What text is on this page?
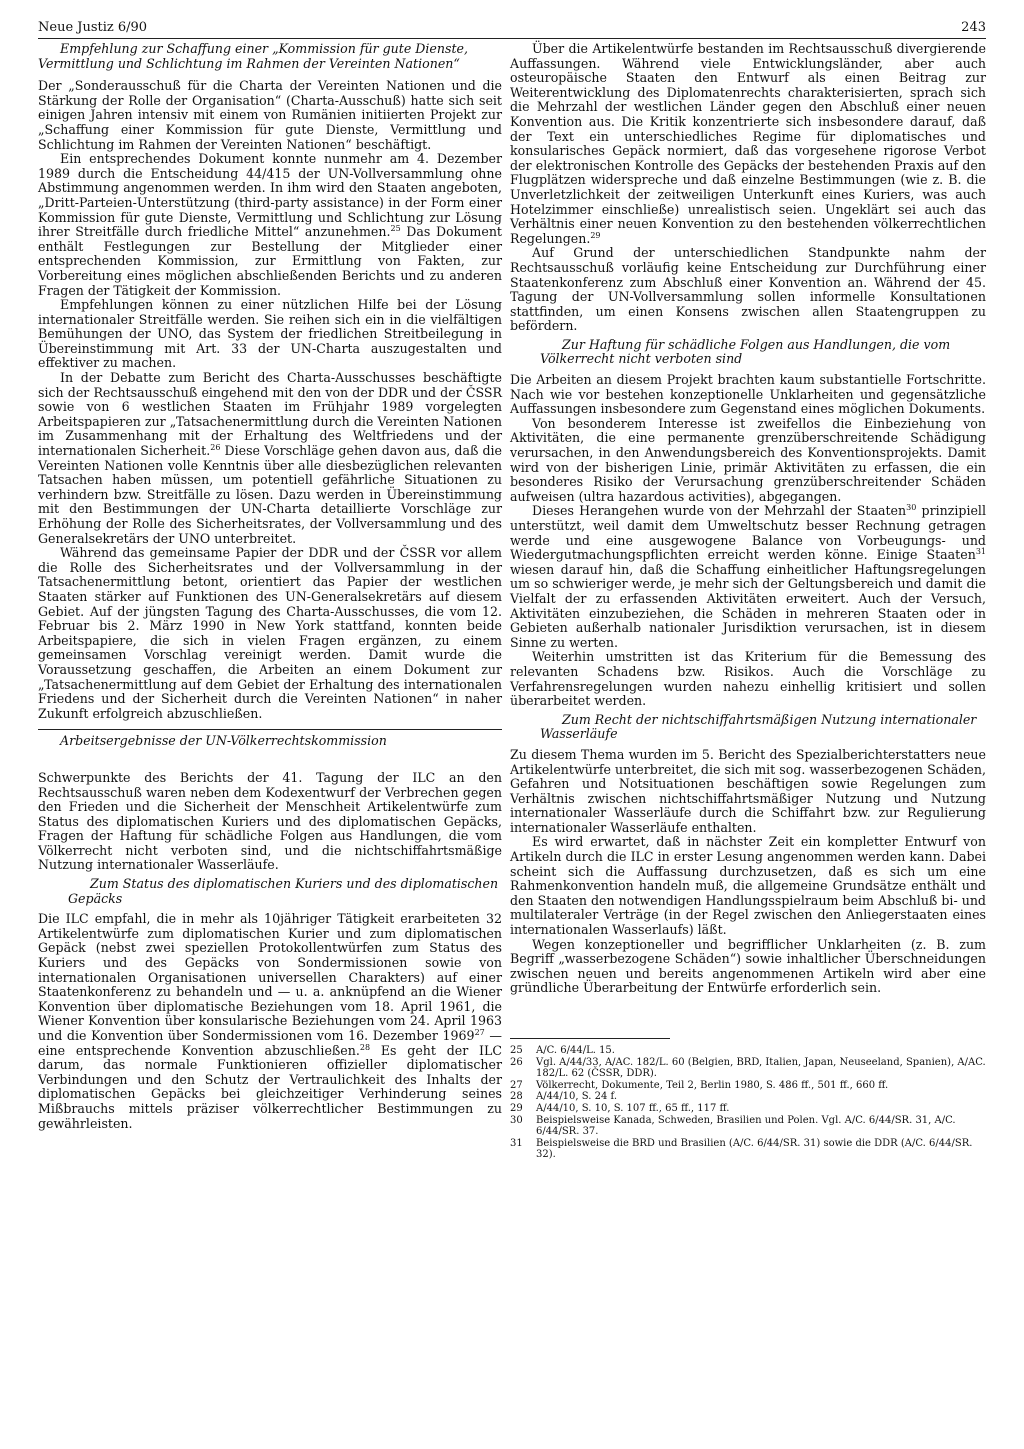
Neue Justiz 6/90	243

Empfehlung zur Schaffung einer „Kommission für gute Dienste, Vermittlung und Schlichtung im Rahmen der Vereinten Nationen“

Der „Sonderausschuß für die Charta der Vereinten Nationen und die Stärkung der Rolle der Organisation“ (Charta-Ausschuß) hatte sich seit einigen Jahren intensiv mit einem von Rumänien initiierten Projekt zur „Schaffung einer Kommission für gute Dienste, Vermittlung und Schlichtung im Rahmen der Vereinten Nationen“ beschäftigt.

Ein entsprechendes Dokument konnte nunmehr am 4. Dezember 1989 durch die Entscheidung 44/415 der UN-Vollversammlung ohne Abstimmung angenommen werden. In ihm wird den Staaten angeboten, „Dritt-Parteien-Unterstützung (third-party assistance) in der Form einer Kommission für gute Dienste, Vermittlung und Schlichtung zur Lösung ihrer Streitfälle durch friedliche Mittel“ anzunehmen.$^{25}$ Das Dokument enthält Festlegungen zur Bestellung der Mitglieder einer entsprechenden Kommission, zur Ermittlung von Fakten, zur Vorbereitung eines möglichen abschließenden Berichts und zu anderen Fragen der Tätigkeit der Kommission.

Empfehlungen können zu einer nützlichen Hilfe bei der Lösung internationaler Streitfälle werden. Sie reihen sich ein in die vielfältigen Bemühungen der UNO, das System der friedlichen Streitbeilegung in Übereinstimmung mit Art. 33 der UN-Charta auszugestalten und effektiver zu machen.

In der Debatte zum Bericht des Charta-Ausschusses beschäftigte sich der Rechtsausschuß eingehend mit den von der DDR und der ČSSR sowie von 6 westlichen Staaten im Frühjahr 1989 vorgelegten Arbeitspapieren zur „Tatsachenermittlung durch die Vereinten Nationen im Zusammenhang mit der Erhaltung des Weltfriedens und der internationalen Sicherheit.$^{26}$ Diese Vorschläge gehen davon aus, daß die Vereinten Nationen volle Kenntnis über alle diesbezüglichen relevanten Tatsachen haben müssen, um potentiell gefährliche Situationen zu verhindern bzw. Streitfälle zu lösen. Dazu werden in Übereinstimmung mit den Bestimmungen der UN-Charta detaillierte Vorschläge zur Erhöhung der Rolle des Sicherheitsrates, der Vollversammlung und des Generalsekretärs der UNO unterbreitet.

Während das gemeinsame Papier der DDR und der ČSSR vor allem die Rolle des Sicherheitsrates und der Vollversammlung in der Tatsachenermittlung betont, orientiert das Papier der westlichen Staaten stärker auf Funktionen des UN-Generalsekretärs auf diesem Gebiet. Auf der jüngsten Tagung des Charta-Ausschusses, die vom 12. Februar bis 2. März 1990 in New York stattfand, konnten beide Arbeitspapiere, die sich in vielen Fragen ergänzen, zu einem gemeinsamen Vorschlag vereinigt werden. Damit wurde die Voraussetzung geschaffen, die Arbeiten an einem Dokument zur „Tatsachenermittlung auf dem Gebiet der Erhaltung des internationalen Friedens und der Sicherheit durch die Vereinten Nationen“ in naher Zukunft erfolgreich abzuschließen.

Arbeitsergebnisse der UN-Völkerrechtskommission

Schwerpunkte des Berichts der 41. Tagung der ILC an den Rechtsausschuß waren neben dem Kodexentwurf der Verbrechen gegen den Frieden und die Sicherheit der Menschheit Artikelentwürfe zum Status des diplomatischen Kuriers und des diplomatischen Gepäcks, Fragen der Haftung für schädliche Folgen aus Handlungen, die vom Völkerrecht nicht verboten sind, und die nichtschiffahrtsmäßige Nutzung internationaler Wasserläufe.

Zum Status des diplomatischen Kuriers und des diplomatischen Gepäcks

Die ILC empfahl, die in mehr als 10jähriger Tätigkeit erarbeiteten 32 Artikelentwürfe zum diplomatischen Kurier und zum diplomatischen Gepäck (nebst zwei speziellen Protokollentwürfen zum Status des Kuriers und des Gepäcks von Sondermissionen sowie von internationalen Organisationen universellen Charakters) auf einer Staatenkonferenz zu behandeln und — u. a. anknüpfend an die Wiener Konvention über diplomatische Beziehungen vom 18. April 1961, die Wiener Konvention über konsularische Beziehungen vom 24. April 1963 und die Konvention über Sondermissionen vom 16. Dezember 1969$^{27}$ — eine entsprechende Konvention abzuschließen.$^{28}$ Es geht der ILC darum, das normale Funktionieren offizieller diplomatischer Verbindungen und den Schutz der Vertraulichkeit des Inhalts der diplomatischen Gepäcks bei gleichzeitiger Verhinderung seines Mißbrauchs mittels präziser völkerrechtlicher Bestimmungen zu gewährleisten.

Über die Artikelentwürfe bestanden im Rechtsausschuß divergierende Auffassungen. Während viele Entwicklungsländer, aber auch osteuropäische Staaten den Entwurf als einen Beitrag zur Weiterentwicklung des Diplomatenrechts charakterisierten, sprach sich die Mehrzahl der westlichen Länder gegen den Abschluß einer neuen Konvention aus. Die Kritik konzentrierte sich insbesondere darauf, daß der Text ein unterschiedliches Regime für diplomatisches und konsularisches Gepäck normiert, daß das vorgesehene rigorose Verbot der elektronischen Kontrolle des Gepäcks der bestehenden Praxis auf den Flugplätzen widerspreche und daß einzelne Bestimmungen (wie z. B. die Unverletzlichkeit der zeitweiligen Unterkunft eines Kuriers, was auch Hotelzimmer einschließe) unrealistisch seien. Ungeklärt sei auch das Verhältnis einer neuen Konvention zu den bestehenden völkerrechtlichen Regelungen.$^{29}$

Auf Grund der unterschiedlichen Standpunkte nahm der Rechtsausschuß vorläufig keine Entscheidung zur Durchführung einer Staatenkonferenz zum Abschluß einer Konvention an. Während der 45. Tagung der UN-Vollversammlung sollen informelle Konsultationen stattfinden, um einen Konsens zwischen allen Staatengruppen zu befördern.

Zur Haftung für schädliche Folgen aus Handlungen, die vom Völkerrecht nicht verboten sind

Die Arbeiten an diesem Projekt brachten kaum substantielle Fortschritte. Nach wie vor bestehen konzeptionelle Unklarheiten und gegensätzliche Auffassungen insbesondere zum Gegenstand eines möglichen Dokuments.

Von besonderem Interesse ist zweifellos die Einbeziehung von Aktivitäten, die eine permanente grenzüberschreitende Schädigung verursachen, in den Anwendungsbereich des Konventionsprojekts. Damit wird von der bisherigen Linie, primär Aktivitäten zu erfassen, die ein besonderes Risiko der Verursachung grenzüberschreitender Schäden aufweisen (ultra hazardous activities), abgegangen.

Dieses Herangehen wurde von der Mehrzahl der Staaten$^{30}$ prinzipiell unterstützt, weil damit dem Umweltschutz besser Rechnung getragen werde und eine ausgewogene Balance von Vorbeugungs- und Wiedergutmachungspflichten erreicht werden könne. Einige Staaten$^{31}$ wiesen darauf hin, daß die Schaffung einheitlicher Haftungsregelungen um so schwieriger werde, je mehr sich der Geltungsbereich und damit die Vielfalt der zu erfassenden Aktivitäten erweitert. Auch der Versuch, Aktivitäten einzubeziehen, die Schäden in mehreren Staaten oder in Gebieten außerhalb nationaler Jurisdiktion verursachen, ist in diesem Sinne zu werten.

Weiterhin umstritten ist das Kriterium für die Bemessung des relevanten Schadens bzw. Risikos. Auch die Vorschläge zu Verfahrensregelungen wurden nahezu einhellig kritisiert und sollen überarbeitet werden.

Zum Recht der nichtschiffahrtsmäßigen Nutzung internationaler Wasserläufe

Zu diesem Thema wurden im 5. Bericht des Spezialberichterstatters neue Artikelentwürfe unterbreitet, die sich mit sog. wasserbezogenen Schäden, Gefahren und Notsituationen beschäftigen sowie Regelungen zum Verhältnis zwischen nichtschiffahrtsmäßiger Nutzung und Nutzung internationaler Wasserläufe durch die Schiffahrt bzw. zur Regulierung internationaler Wasserläufe enthalten.

Es wird erwartet, daß in nächster Zeit ein kompletter Entwurf von Artikeln durch die ILC in erster Lesung angenommen werden kann. Dabei scheint sich die Auffassung durchzusetzen, daß es sich um eine Rahmenkonvention handeln muß, die allgemeine Grundsätze enthält und den Staaten den notwendigen Handlungsspielraum beim Abschluß bi- und multilateraler Verträge (in der Regel zwischen den Anliegerstaaten eines internationalen Wasserlaufs) läßt.

Wegen konzeptioneller und begrifflicher Unklarheiten (z. B. zum Begriff „wasserbezogene Schäden“) sowie inhaltlicher Überschneidungen zwischen neuen und bereits angenommenen Artikeln wird aber eine gründliche Überarbeitung der Entwürfe erforderlich sein.

25	A/C. 6/44/L. 15.
26	Vgl. A/44/33, A/AC. 182/L. 60 (Belgien, BRD, Italien, Japan, Neuseeland, Spanien), A/AC. 182/L. 62 (ČSSR, DDR).
27	Völkerrecht, Dokumente, Teil 2, Berlin 1980, S. 486 ff., 501 ff., 660 ff.
28	A/44/10, S. 24 f.
29	A/44/10, S. 10, S. 107 ff., 65 ff., 117 ff.
30	Beispielsweise Kanada, Schweden, Brasilien und Polen. Vgl. A/C. 6/44/SR. 31, A/C. 6/44/SR. 37.
31	Beispielsweise die BRD und Brasilien (A/C. 6/44/SR. 31) sowie die DDR (A/C. 6/44/SR. 32).
